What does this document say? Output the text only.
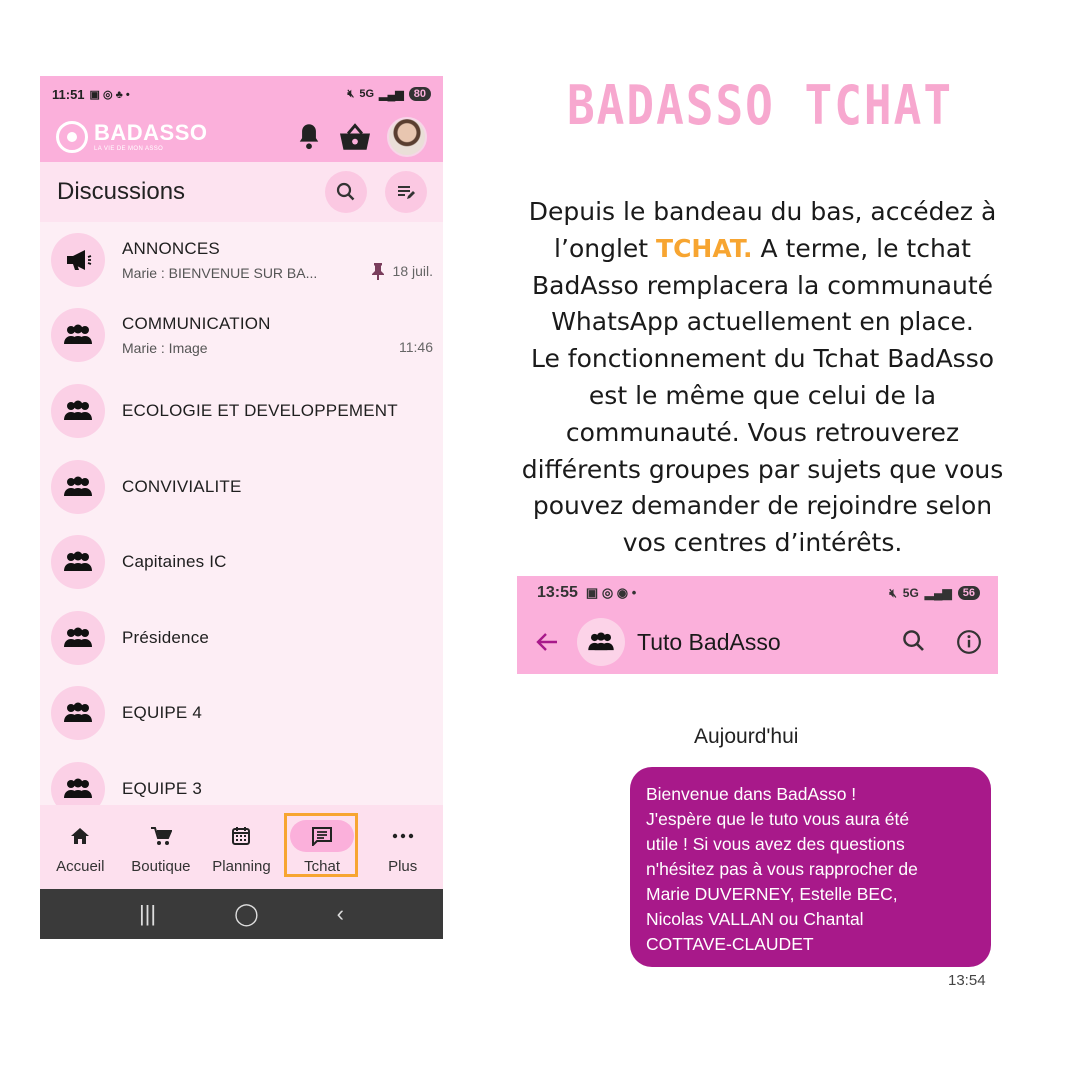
11:51 ▣ ◎ ♣ •	🔇︎ 5G ▂▄▆ 80
BADASSO
LA VIE DE MON ASSO
Discussions
ANNONCES
Marie : BIENVENUE SUR BA...	18 juil.
COMMUNICATION
Marie : Image	11:46
ECOLOGIE ET DEVELOPPEMENT
CONVIVIALITE
Capitaines IC
Présidence
EQUIPE 4
EQUIPE 3
Accueil Boutique Planning Tchat	Plus
|||	◯	‹
BADASSO TCHAT
Depuis le bandeau du bas, accédez à l’onglet TCHAT. A terme, le tchat BadAsso remplacera la communauté WhatsApp actuellement en place.
Le fonctionnement du Tchat BadAsso est le même que celui de la communauté. Vous retrouverez différents groupes par sujets que vous pouvez demander de rejoindre selon vos centres d’intérêts.
13:55 ▣ ◎ ◉ •	🔇︎ 5G ▂▄▆	56
Tuto BadAsso
Aujourd'hui
Bienvenue dans BadAsso !
J'espère que le tuto vous aura été
utile ! Si vous avez des questions
n'hésitez pas à vous rapprocher de
Marie DUVERNEY, Estelle BEC,
Nicolas VALLAN ou Chantal
COTTAVE-CLAUDET
13:54
